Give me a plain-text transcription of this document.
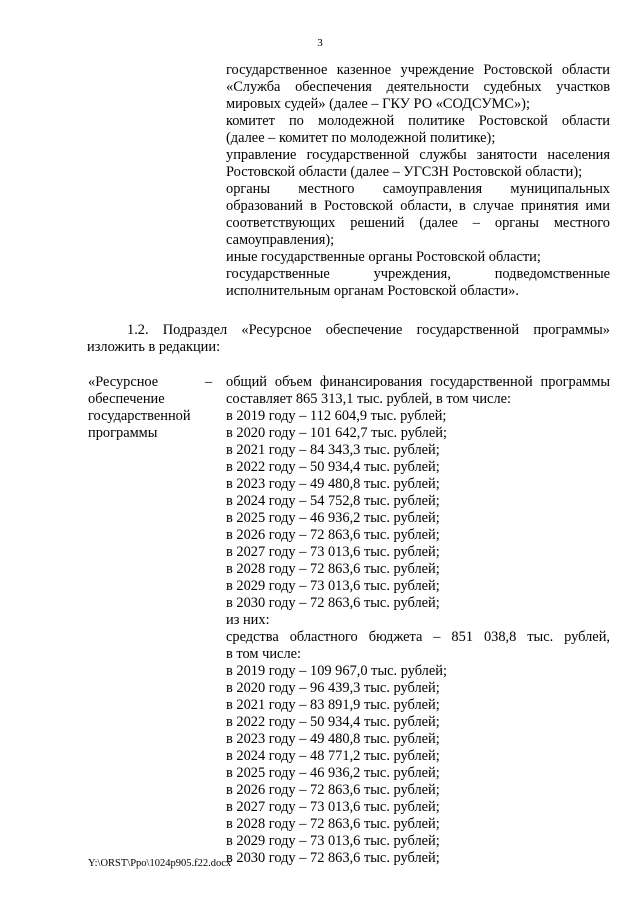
3
государственное казенное учреждение Ростовской области
«Служба обеспечения деятельности судебных участков
мировых судей» (далее – ГКУ РО «СОДСУМС»);
комитет по молодежной политике Ростовской области
(далее – комитет по молодежной политике);
управление государственной службы занятости населения
Ростовской области (далее – УГСЗН Ростовской области);
органы местного самоуправления муниципальных
образований в Ростовской области, в случае принятия ими
соответствующих решений (далее – органы местного
самоуправления);
иные государственные органы Ростовской области;
государственные учреждения, подведомственные
исполнительным органам Ростовской области».
1.2. Подраздел «Ресурсное обеспечение государственной программы»
изложить в редакции:
«Ресурсное
обеспечение
государственной
программы
– общий объем финансирования государственной программы
составляет 865 313,1 тыс. рублей, в том числе:
в 2019 году – 112 604,9 тыс. рублей;
в 2020 году – 101 642,7 тыс. рублей;
в 2021 году – 84 343,3 тыс. рублей;
в 2022 году – 50 934,4 тыс. рублей;
в 2023 году – 49 480,8 тыс. рублей;
в 2024 году – 54 752,8 тыс. рублей;
в 2025 году – 46 936,2 тыс. рублей;
в 2026 году – 72 863,6 тыс. рублей;
в 2027 году – 73 013,6 тыс. рублей;
в 2028 году – 72 863,6 тыс. рублей;
в 2029 году – 73 013,6 тыс. рублей;
в 2030 году – 72 863,6 тыс. рублей;
из них:
средства областного бюджета – 851 038,8 тыс. рублей,
в том числе:
в 2019 году – 109 967,0 тыс. рублей;
в 2020 году – 96 439,3 тыс. рублей;
в 2021 году – 83 891,9 тыс. рублей;
в 2022 году – 50 934,4 тыс. рублей;
в 2023 году – 49 480,8 тыс. рублей;
в 2024 году – 48 771,2 тыс. рублей;
в 2025 году – 46 936,2 тыс. рублей;
в 2026 году – 72 863,6 тыс. рублей;
в 2027 году – 73 013,6 тыс. рублей;
в 2028 году – 72 863,6 тыс. рублей;
в 2029 году – 73 013,6 тыс. рублей;
в 2030 году – 72 863,6 тыс. рублей;
Y:\ORST\Ppo\1024p905.f22.docx
